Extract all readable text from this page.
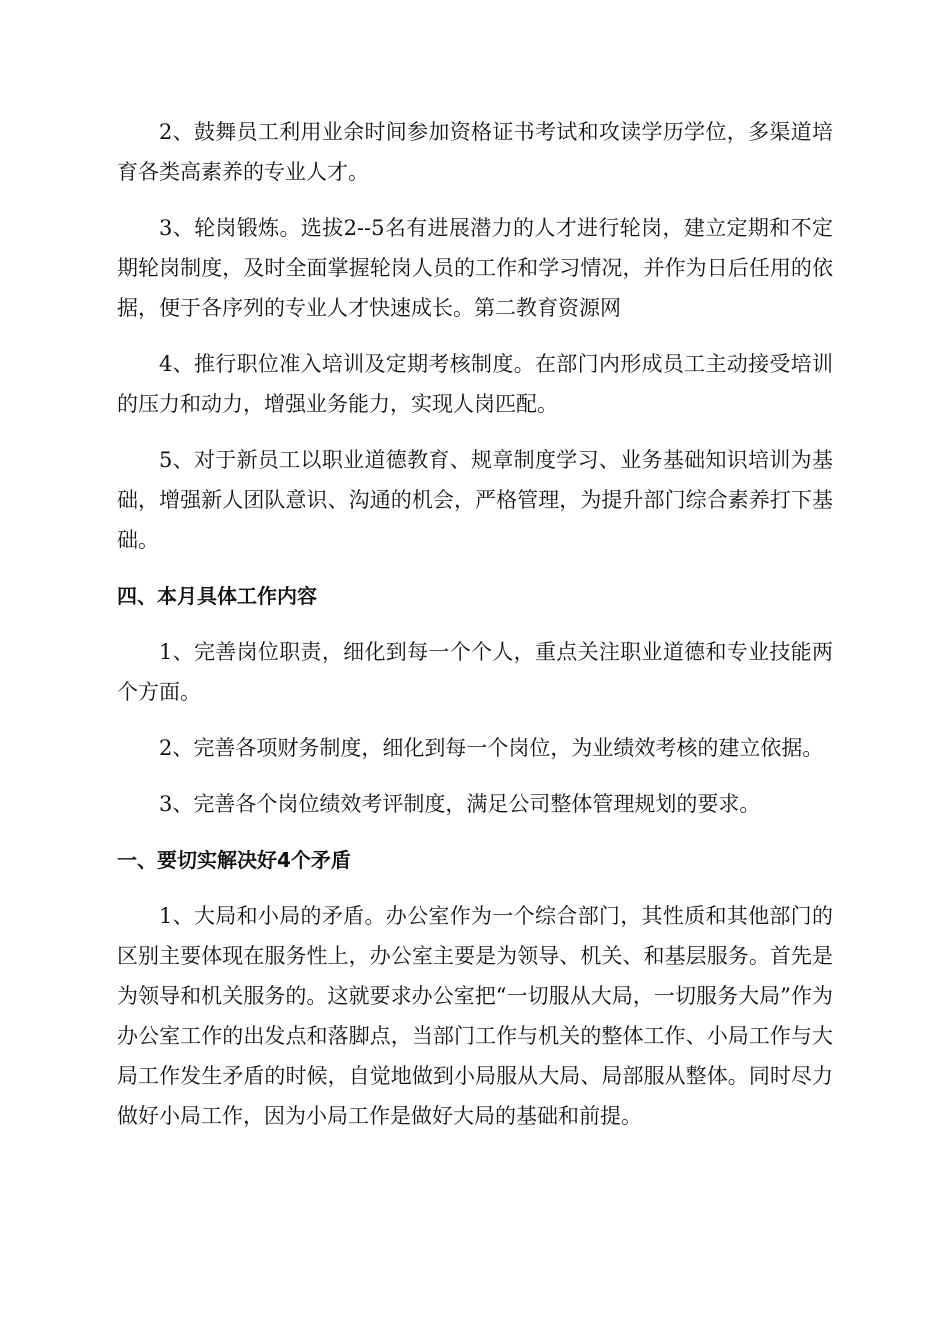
2、鼓舞员工利用业余时间参加资格证书考试和攻读学历学位，多渠道培育各类高素养的专业人才。

3、轮岗锻炼。选拔2--5名有进展潜力的人才进行轮岗，建立定期和不定期轮岗制度，及时全面掌握轮岗人员的工作和学习情况，并作为日后任用的依据，便于各序列的专业人才快速成长。第二教育资源网

4、推行职位准入培训及定期考核制度。在部门内形成员工主动接受培训的压力和动力，增强业务能力，实现人岗匹配。

5、对于新员工以职业道德教育、规章制度学习、业务基础知识培训为基础，增强新人团队意识、沟通的机会，严格管理，为提升部门综合素养打下基础。

四、本月具体工作内容

1、完善岗位职责，细化到每一个个人，重点关注职业道德和专业技能两个方面。

2、完善各项财务制度，细化到每一个岗位，为业绩效考核的建立依据。

3、完善各个岗位绩效考评制度，满足公司整体管理规划的要求。

一、要切实解决好4个矛盾

1、大局和小局的矛盾。办公室作为一个综合部门，其性质和其他部门的区别主要体现在服务性上，办公室主要是为领导、机关、和基层服务。首先是为领导和机关服务的。这就要求办公室把“一切服从大局，一切服务大局”作为办公室工作的出发点和落脚点，当部门工作与机关的整体工作、小局工作与大局工作发生矛盾的时候，自觉地做到小局服从大局、局部服从整体。同时尽力做好小局工作，因为小局工作是做好大局的基础和前提。
